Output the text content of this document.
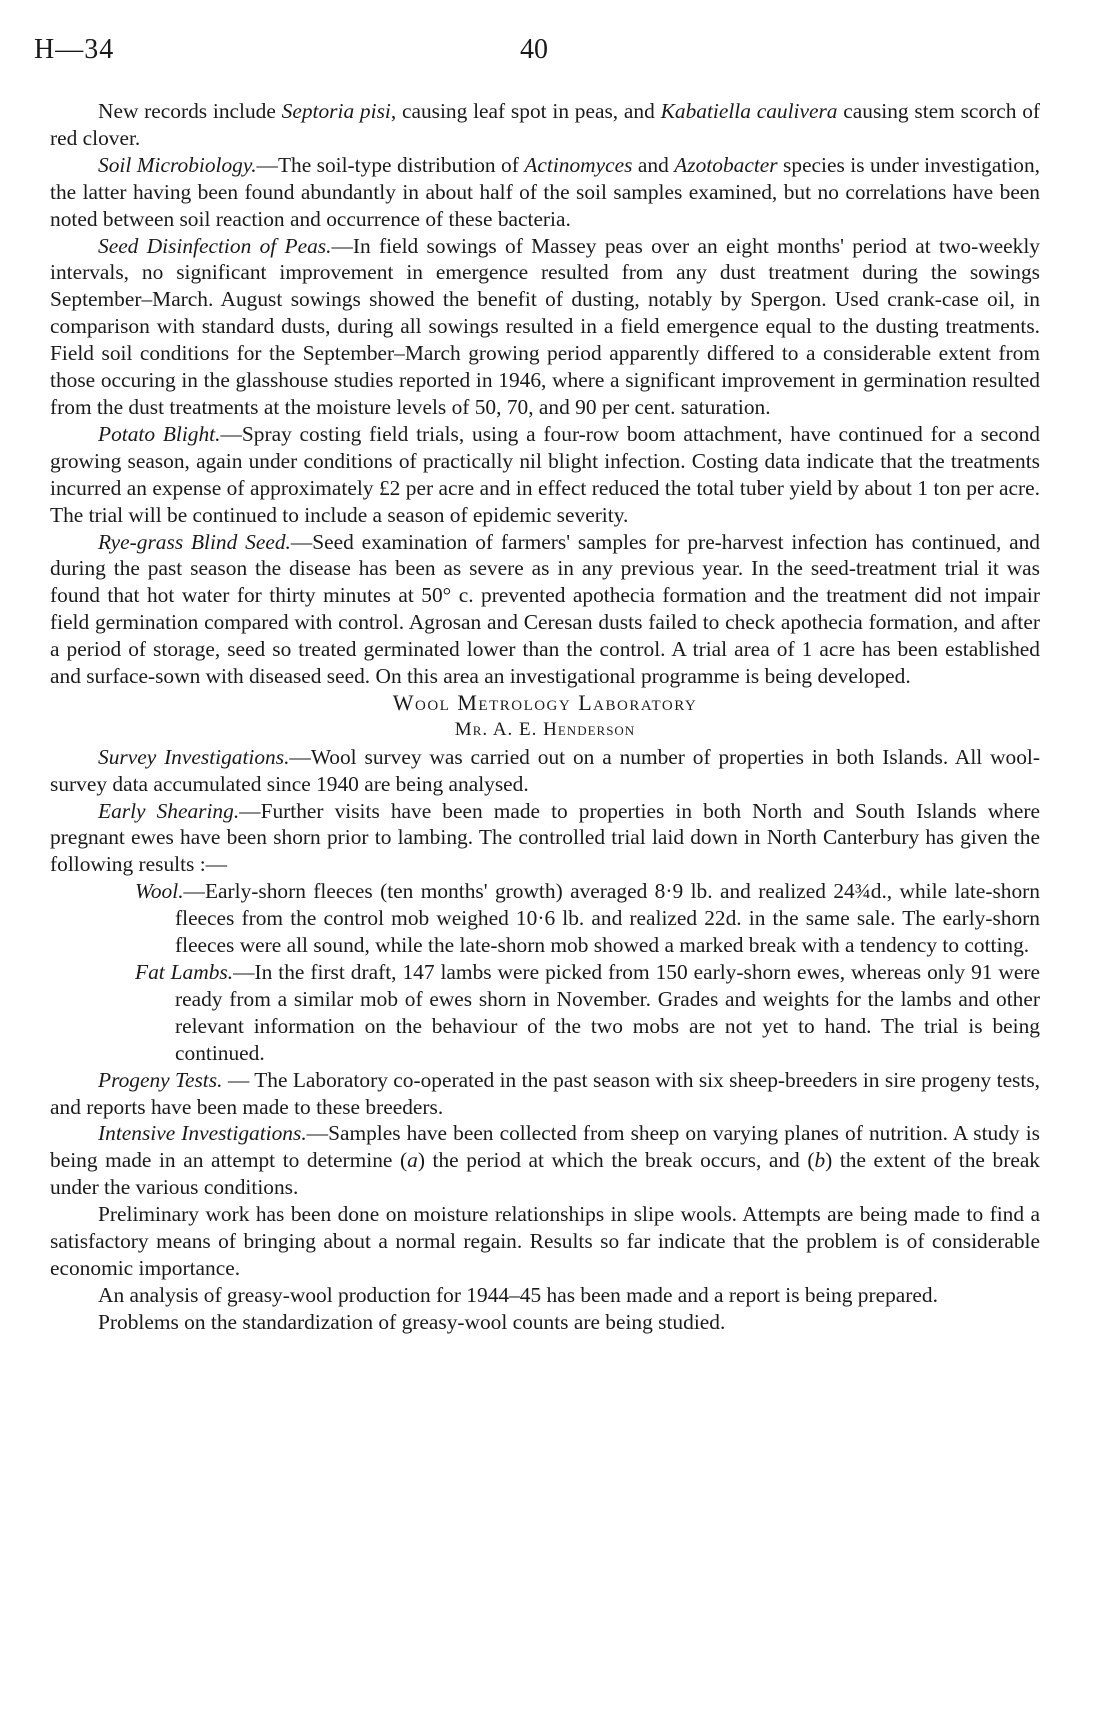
H—34	40

New records include Septoria pisi, causing leaf spot in peas, and Kabatiella caulivera causing stem scorch of red clover.

Soil Microbiology.—The soil-type distribution of Actinomyces and Azotobacter species is under investigation, the latter having been found abundantly in about half of the soil samples examined, but no correlations have been noted between soil reaction and occurrence of these bacteria.

Seed Disinfection of Peas.—In field sowings of Massey peas over an eight months' period at two-weekly intervals, no significant improvement in emergence resulted from any dust treatment during the sowings September–March. August sowings showed the benefit of dusting, notably by Spergon. Used crank-case oil, in comparison with standard dusts, during all sowings resulted in a field emergence equal to the dusting treatments. Field soil conditions for the September–March growing period apparently differed to a considerable extent from those occuring in the glasshouse studies reported in 1946, where a significant improvement in germination resulted from the dust treatments at the moisture levels of 50, 70, and 90 per cent. saturation.

Potato Blight.—Spray costing field trials, using a four-row boom attachment, have continued for a second growing season, again under conditions of practically nil blight infection. Costing data indicate that the treatments incurred an expense of approximately £2 per acre and in effect reduced the total tuber yield by about 1 ton per acre. The trial will be continued to include a season of epidemic severity.

Rye-grass Blind Seed.—Seed examination of farmers' samples for pre-harvest infection has continued, and during the past season the disease has been as severe as in any previous year. In the seed-treatment trial it was found that hot water for thirty minutes at 50° c. prevented apothecia formation and the treatment did not impair field germination compared with control. Agrosan and Ceresan dusts failed to check apothecia formation, and after a period of storage, seed so treated germinated lower than the control. A trial area of 1 acre has been established and surface-sown with diseased seed. On this area an investigational programme is being developed.

Wool Metrology Laboratory

Mr. A. E. Henderson

Survey Investigations.—Wool survey was carried out on a number of properties in both Islands. All wool-survey data accumulated since 1940 are being analysed.

Early Shearing.—Further visits have been made to properties in both North and South Islands where pregnant ewes have been shorn prior to lambing. The controlled trial laid down in North Canterbury has given the following results :—

Wool.—Early-shorn fleeces (ten months' growth) averaged 8·9 lb. and realized 24¾d., while late-shorn fleeces from the control mob weighed 10·6 lb. and realized 22d. in the same sale. The early-shorn fleeces were all sound, while the late-shorn mob showed a marked break with a tendency to cotting.

Fat Lambs.—In the first draft, 147 lambs were picked from 150 early-shorn ewes, whereas only 91 were ready from a similar mob of ewes shorn in November. Grades and weights for the lambs and other relevant information on the behaviour of the two mobs are not yet to hand. The trial is being continued.

Progeny Tests. — The Laboratory co-operated in the past season with six sheep-breeders in sire progeny tests, and reports have been made to these breeders.

Intensive Investigations.—Samples have been collected from sheep on varying planes of nutrition. A study is being made in an attempt to determine (a) the period at which the break occurs, and (b) the extent of the break under the various conditions.

Preliminary work has been done on moisture relationships in slipe wools. Attempts are being made to find a satisfactory means of bringing about a normal regain. Results so far indicate that the problem is of considerable economic importance.

An analysis of greasy-wool production for 1944–45 has been made and a report is being prepared.

Problems on the standardization of greasy-wool counts are being studied.
